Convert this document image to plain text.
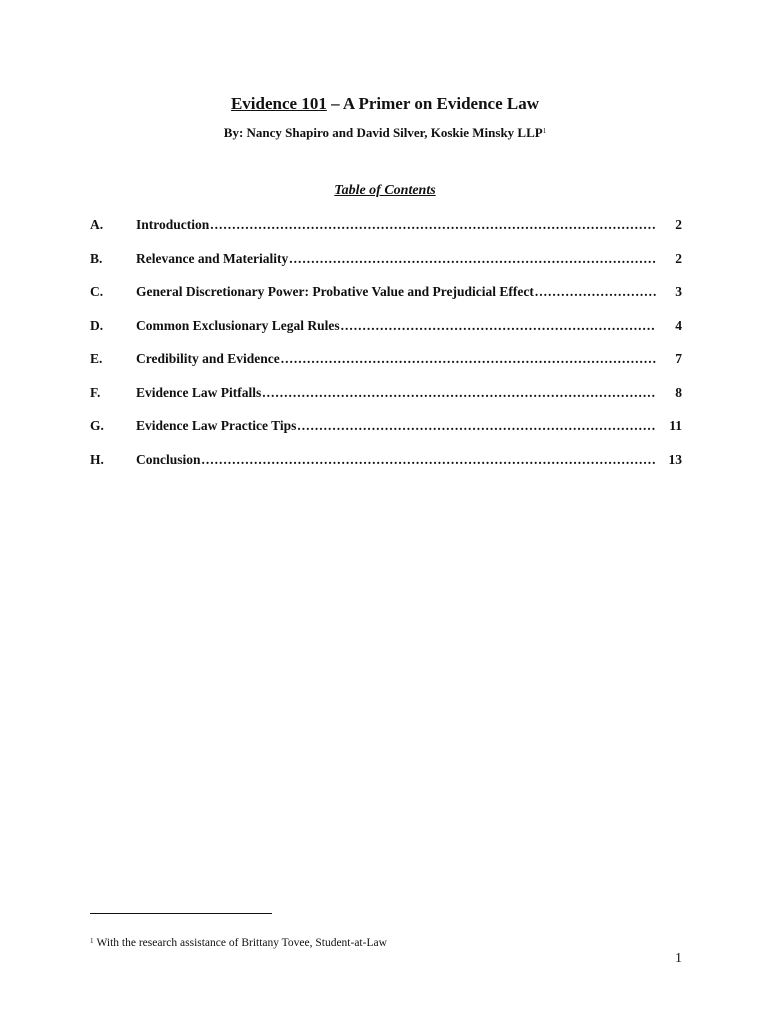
Evidence 101 – A Primer on Evidence Law
By: Nancy Shapiro and David Silver, Koskie Minsky LLP$^1$
Table of Contents
A.	Introduction .....	2
B.	Relevance and Materiality .....	2
C.	General Discretionary Power: Probative Value and Prejudicial Effect .....	3
D.	Common Exclusionary Legal Rules .....	4
E.	Credibility and Evidence .....	7
F.	Evidence Law Pitfalls .....	8
G.	Evidence Law Practice Tips .....	11
H.	Conclusion .....	13
$^1$ With the research assistance of Brittany Tovee, Student-at-Law
1
